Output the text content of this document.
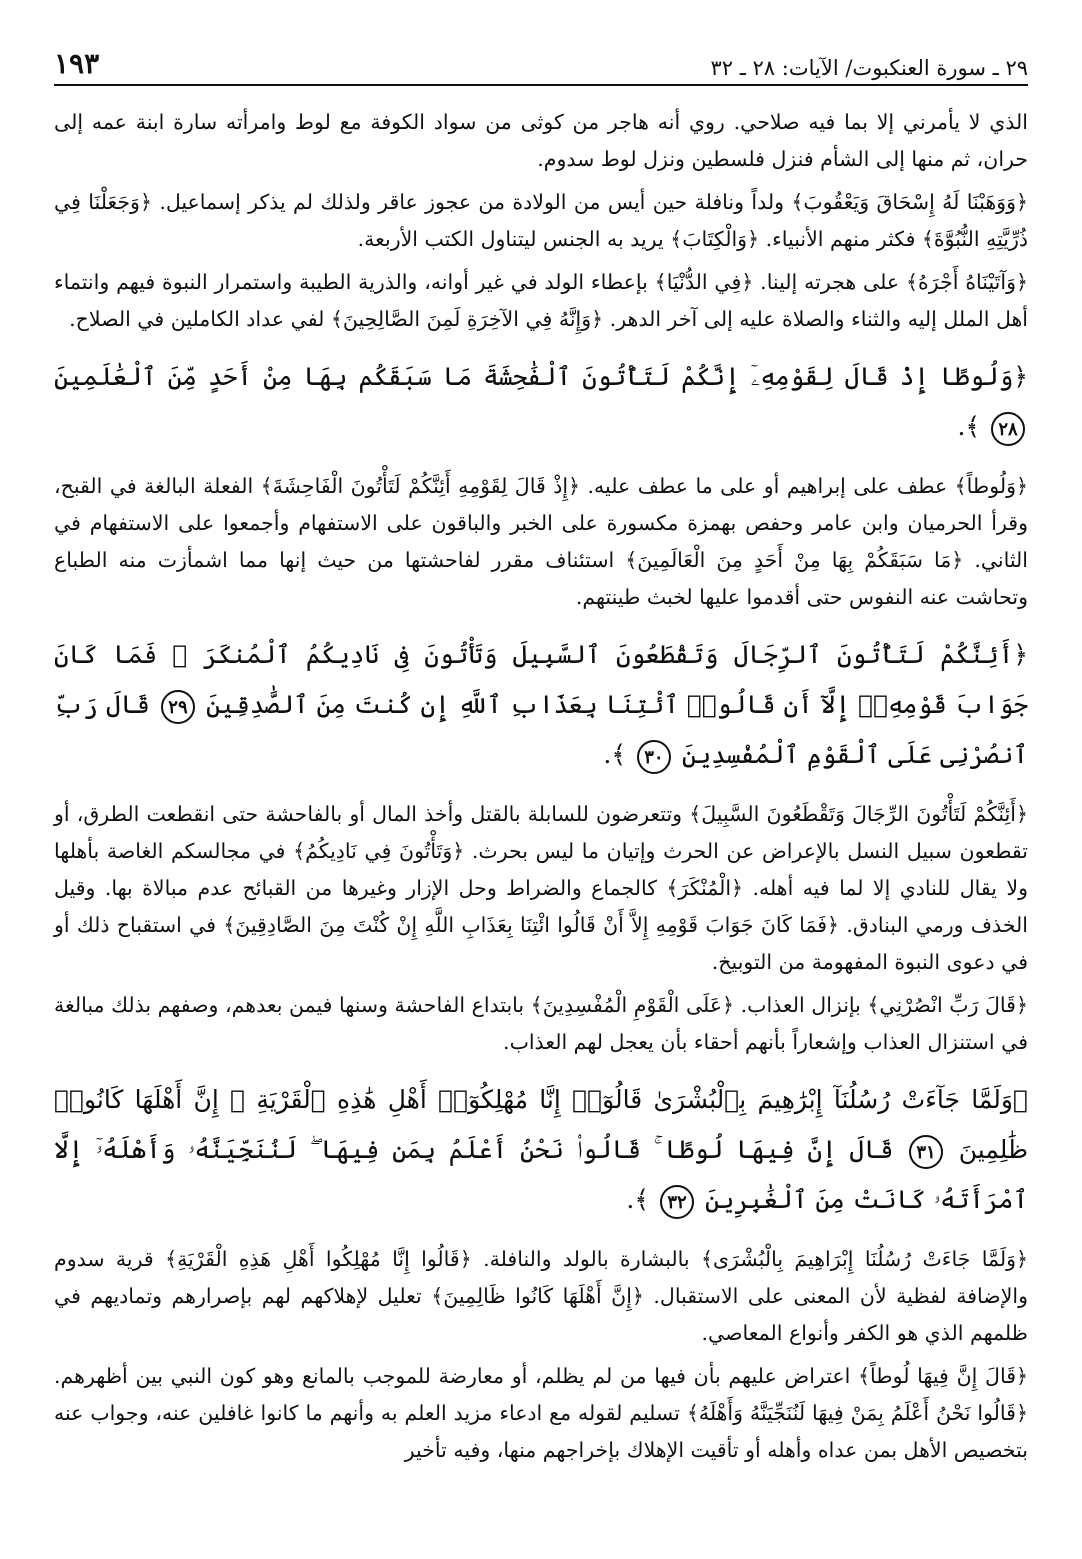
٢٩ ـ سورة العنكبوت/ الآيات: ٢٨ ـ ٣٢
١٩٣

الذي لا يأمرني إلا بما فيه صلاحي. روي أنه هاجر من كوثى من سواد الكوفة مع لوط وامرأته سارة ابنة عمه إلى حران، ثم منها إلى الشأم فنزل فلسطين ونزل لوط سدوم.

﴿وَوَهَبْنَا لَهُ إِسْحَاقَ وَيَعْقُوبَ﴾ ولداً ونافلة حين أيس من الولادة من عجوز عاقر ولذلك لم يذكر إسماعيل. ﴿وَجَعَلْنَا فِي ذُرِّيَّتِهِ النُّبُوَّةَ﴾ فكثر منهم الأنبياء. ﴿وَالْكِتَابَ﴾ يريد به الجنس ليتناول الكتب الأربعة.

﴿وَآتَيْنَاهُ أَجْرَهُ﴾ على هجرته إلينا. ﴿فِي الدُّنْيَا﴾ بإعطاء الولد في غير أوانه، والذرية الطيبة واستمرار النبوة فيهم وانتماء أهل الملل إليه والثناء والصلاة عليه إلى آخر الدهر. ﴿وَإِنَّهُ فِي الآخِرَةِ لَمِنَ الصَّالِحِينَ﴾ لفي عداد الكاملين في الصلاح.

﴿وَلُوطًا إِذْ قَالَ لِقَوْمِهِۦٓ إِنَّكُمْ لَتَأْتُونَ ٱلْفَٰحِشَةَ مَا سَبَقَكُم بِهَا مِنْ أَحَدٍ مِّنَ ٱلْعَٰلَمِينَ ٢٨ ﴾.

﴿وَلُوطاً﴾ عطف على إبراهيم أو على ما عطف عليه. ﴿إِذْ قَالَ لِقَوْمِهِ أَئِنَّكُمْ لَتَأْتُونَ الْفَاحِشَةَ﴾ الفعلة البالغة في القبح، وقرأ الحرميان وابن عامر وحفص بهمزة مكسورة على الخبر والباقون على الاستفهام وأجمعوا على الاستفهام في الثاني. ﴿مَا سَبَقَكُمْ بِهَا مِنْ أَحَدٍ مِنَ الْعَالَمِينَ﴾ استئناف مقرر لفاحشتها من حيث إنها مما اشمأزت منه الطباع وتحاشت عنه النفوس حتى أقدموا عليها لخبث طينتهم.

﴿أَئِنَّكُمْ لَتَأْتُونَ ٱلرِّجَالَ وَتَقْطَعُونَ ٱلسَّبِيلَ وَتَأْتُونَ فِى نَادِيكُمُ ٱلْمُنكَرَ ۖ فَمَا كَانَ جَوَابَ قَوْمِهِۦٓ إِلَّآ أَن قَالُوا۟ ٱئْتِنَا بِعَذَابِ ٱللَّهِ إِن كُنتَ مِنَ ٱلصَّٰدِقِينَ ٢٩ قَالَ رَبِّ ٱنصُرْنِى عَلَى ٱلْقَوْمِ ٱلْمُفْسِدِينَ ٣٠ ﴾.

﴿أَئِنَّكُمْ لَتَأْتُونَ الرِّجَالَ وَتَقْطَعُونَ السَّبِيلَ﴾ وتتعرضون للسابلة بالقتل وأخذ المال أو بالفاحشة حتى انقطعت الطرق، أو تقطعون سبيل النسل بالإعراض عن الحرث وإتيان ما ليس بحرث. ﴿وَتَأْتُونَ فِي نَادِيكُمُ﴾ في مجالسكم الغاصة بأهلها ولا يقال للنادي إلا لما فيه أهله. ﴿الْمُنْكَرَ﴾ كالجماع والضراط وحل الإزار وغيرها من القبائح عدم مبالاة بها. وقيل الخذف ورمي البنادق. ﴿فَمَا كَانَ جَوَابَ قَوْمِهِ إِلاَّ أَنْ قَالُوا ائْتِنَا بِعَذَابِ اللَّهِ إِنْ كُنْتَ مِنَ الصَّادِقِينَ﴾ في استقباح ذلك أو في دعوى النبوة المفهومة من التوبيخ.

﴿قَالَ رَبِّ انْصُرْنِي﴾ بإنزال العذاب. ﴿عَلَى الْقَوْمِ الْمُفْسِدِينَ﴾ بابتداع الفاحشة وسنها فيمن بعدهم، وصفهم بذلك مبالغة في استنزال العذاب وإشعاراً بأنهم أحقاء بأن يعجل لهم العذاب.

﴿وَلَمَّا جَآءَتْ رُسُلُنَآ إِبْرَٰهِيمَ بِٱلْبُشْرَىٰ قَالُوٓا۟ إِنَّا مُهْلِكُوٓا۟ أَهْلِ هَٰذِهِ ٱلْقَرْيَةِ ۖ إِنَّ أَهْلَهَا كَانُوا۟ ظَٰلِمِينَ ٣١ قَالَ إِنَّ فِيهَا لُوطًا ۚ قَالُوا۟ نَحْنُ أَعْلَمُ بِمَن فِيهَا ۖ لَنُنَجِّيَنَّهُۥ وَأَهْلَهُۥٓ إِلَّا ٱمْرَأَتَهُۥ كَانَتْ مِنَ ٱلْغَٰبِرِينَ ٣٢ ﴾.

﴿وَلَمَّا جَاءَتْ رُسُلُنَا إِبْرَاهِيمَ بِالْبُشْرَى﴾ بالبشارة بالولد والنافلة. ﴿قَالُوا إِنَّا مُهْلِكُوا أَهْلِ هَذِهِ الْقَرْيَةِ﴾ قرية سدوم والإضافة لفظية لأن المعنى على الاستقبال. ﴿إِنَّ أَهْلَهَا كَانُوا ظَالِمِينَ﴾ تعليل لإهلاكهم لهم بإصرارهم وتماديهم في ظلمهم الذي هو الكفر وأنواع المعاصي.

﴿قَالَ إِنَّ فِيهَا لُوطاً﴾ اعتراض عليهم بأن فيها من لم يظلم، أو معارضة للموجب بالمانع وهو كون النبي بين أظهرهم. ﴿قَالُوا نَحْنُ أَعْلَمُ بِمَنْ فِيهَا لَنُنَجِّيَنَّهُ وَأَهْلَهُ﴾ تسليم لقوله مع ادعاء مزيد العلم به وأنهم ما كانوا غافلين عنه، وجواب عنه بتخصيص الأهل بمن عداه وأهله أو تأقيت الإهلاك بإخراجهم منها، وفيه تأخير
